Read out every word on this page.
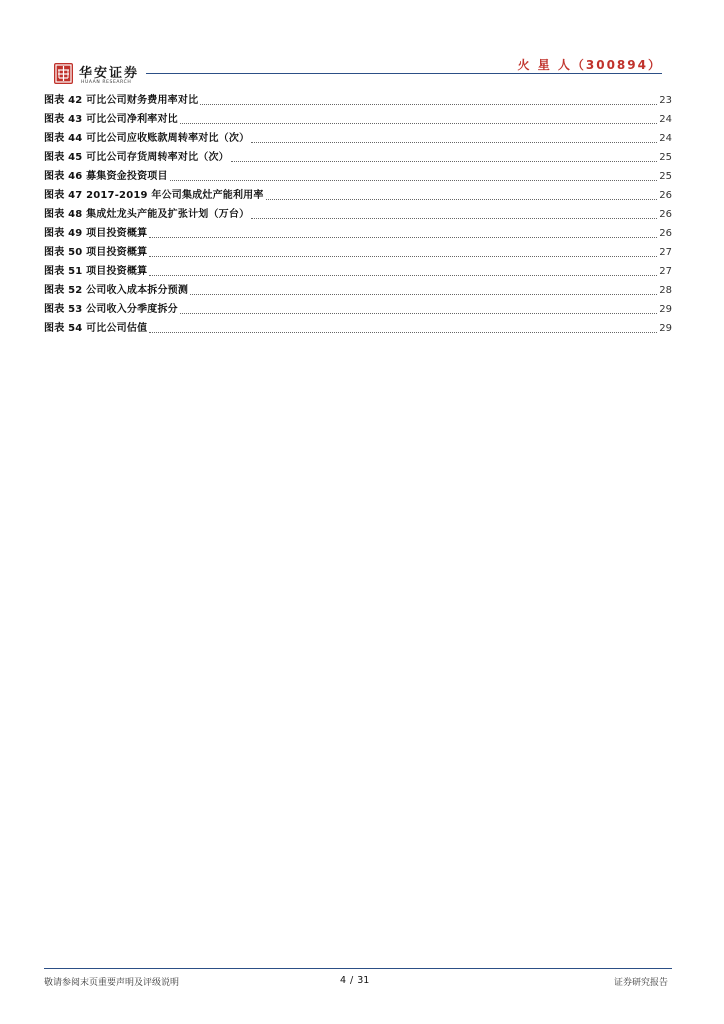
华安证券
HUAAN RESEARCH
火 星 人（300894）
图表 42 可比公司财务费用率对比	23
图表 43 可比公司净利率对比	24
图表 44 可比公司应收账款周转率对比（次）	24
图表 45 可比公司存货周转率对比（次）	25
图表 46 募集资金投资项目	25
图表 47 2017-2019 年公司集成灶产能利用率	26
图表 48 集成灶龙头产能及扩张计划（万台）	26
图表 49 项目投资概算	26
图表 50 项目投资概算	27
图表 51 项目投资概算	27
图表 52 公司收入成本拆分预测	28
图表 53 公司收入分季度拆分	29
图表 54 可比公司估值	29
敬请参阅末页重要声明及评级说明	4 / 31	证券研究报告
